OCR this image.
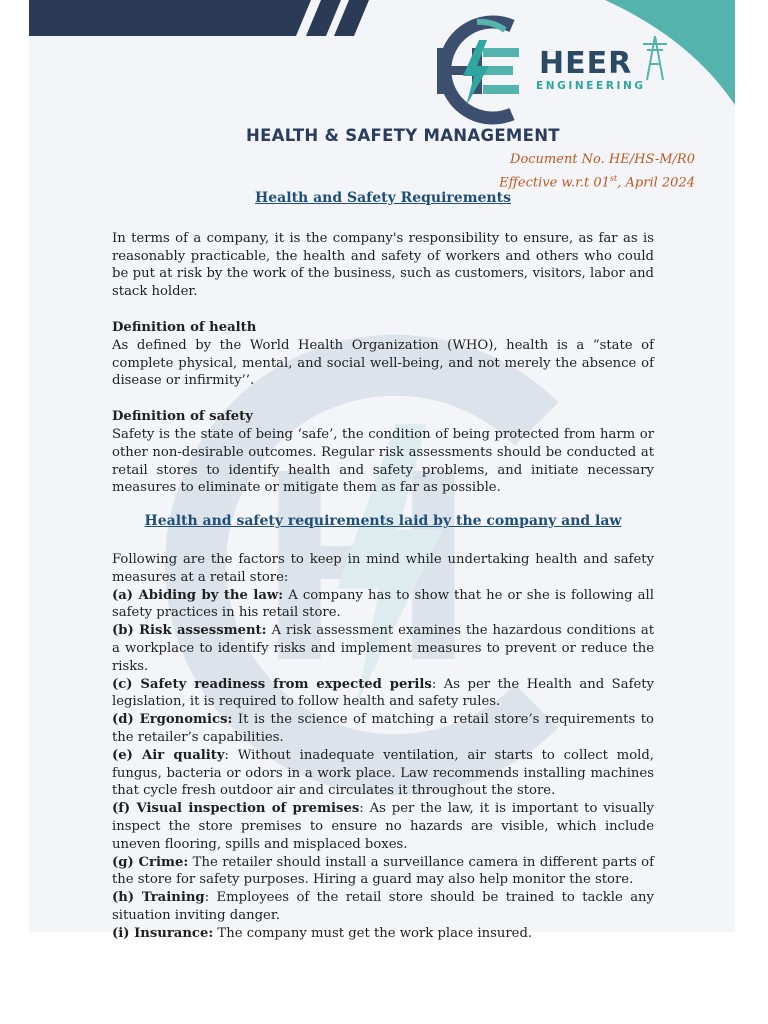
HEER
ENGINEERING
HEALTH & SAFETY MANAGEMENT
Document No. HE/HS-M/R0
Effective w.r.t 01st, April 2024
Health and Safety Requirements

In terms of a company, it is the company's responsibility to ensure, as far as is reasonably practicable, the health and safety of workers and others who could be put at risk by the work of the business, such as customers, visitors, labor and stack holder.

Definition of health

As defined by the World Health Organization (WHO), health is a “state of complete physical, mental, and social well-being, and not merely the absence of disease or infirmity’’.

Definition of safety

Safety is the state of being ‘safe’, the condition of being protected from harm or other non-desirable outcomes. Regular risk assessments should be conducted at retail stores to identify health and safety problems, and initiate necessary measures to eliminate or mitigate them as far as possible.

Health and safety requirements laid by the company and law

Following are the factors to keep in mind while undertaking health and safety measures at a retail store:

(a) Abiding by the law: A company has to show that he or she is following all safety practices in his retail store.

(b) Risk assessment: A risk assessment examines the hazardous conditions at a workplace to identify risks and implement measures to prevent or reduce the risks.

(c) Safety readiness from expected perils: As per the Health and Safety legislation, it is required to follow health and safety rules.

(d) Ergonomics: It is the science of matching a retail store’s requirements to the retailer’s capabilities.

(e) Air quality: Without inadequate ventilation, air starts to collect mold, fungus, bacteria or odors in a work place. Law recommends installing machines that cycle fresh outdoor air and circulates it throughout the store.

(f) Visual inspection of premises: As per the law, it is important to visually inspect the store premises to ensure no hazards are visible, which include uneven flooring, spills and misplaced boxes.

(g) Crime: The retailer should install a surveillance camera in different parts of the store for safety purposes. Hiring a guard may also help monitor the store.

(h) Training: Employees of the retail store should be trained to tackle any situation inviting danger.

(i) Insurance: The company must get the work place insured.
